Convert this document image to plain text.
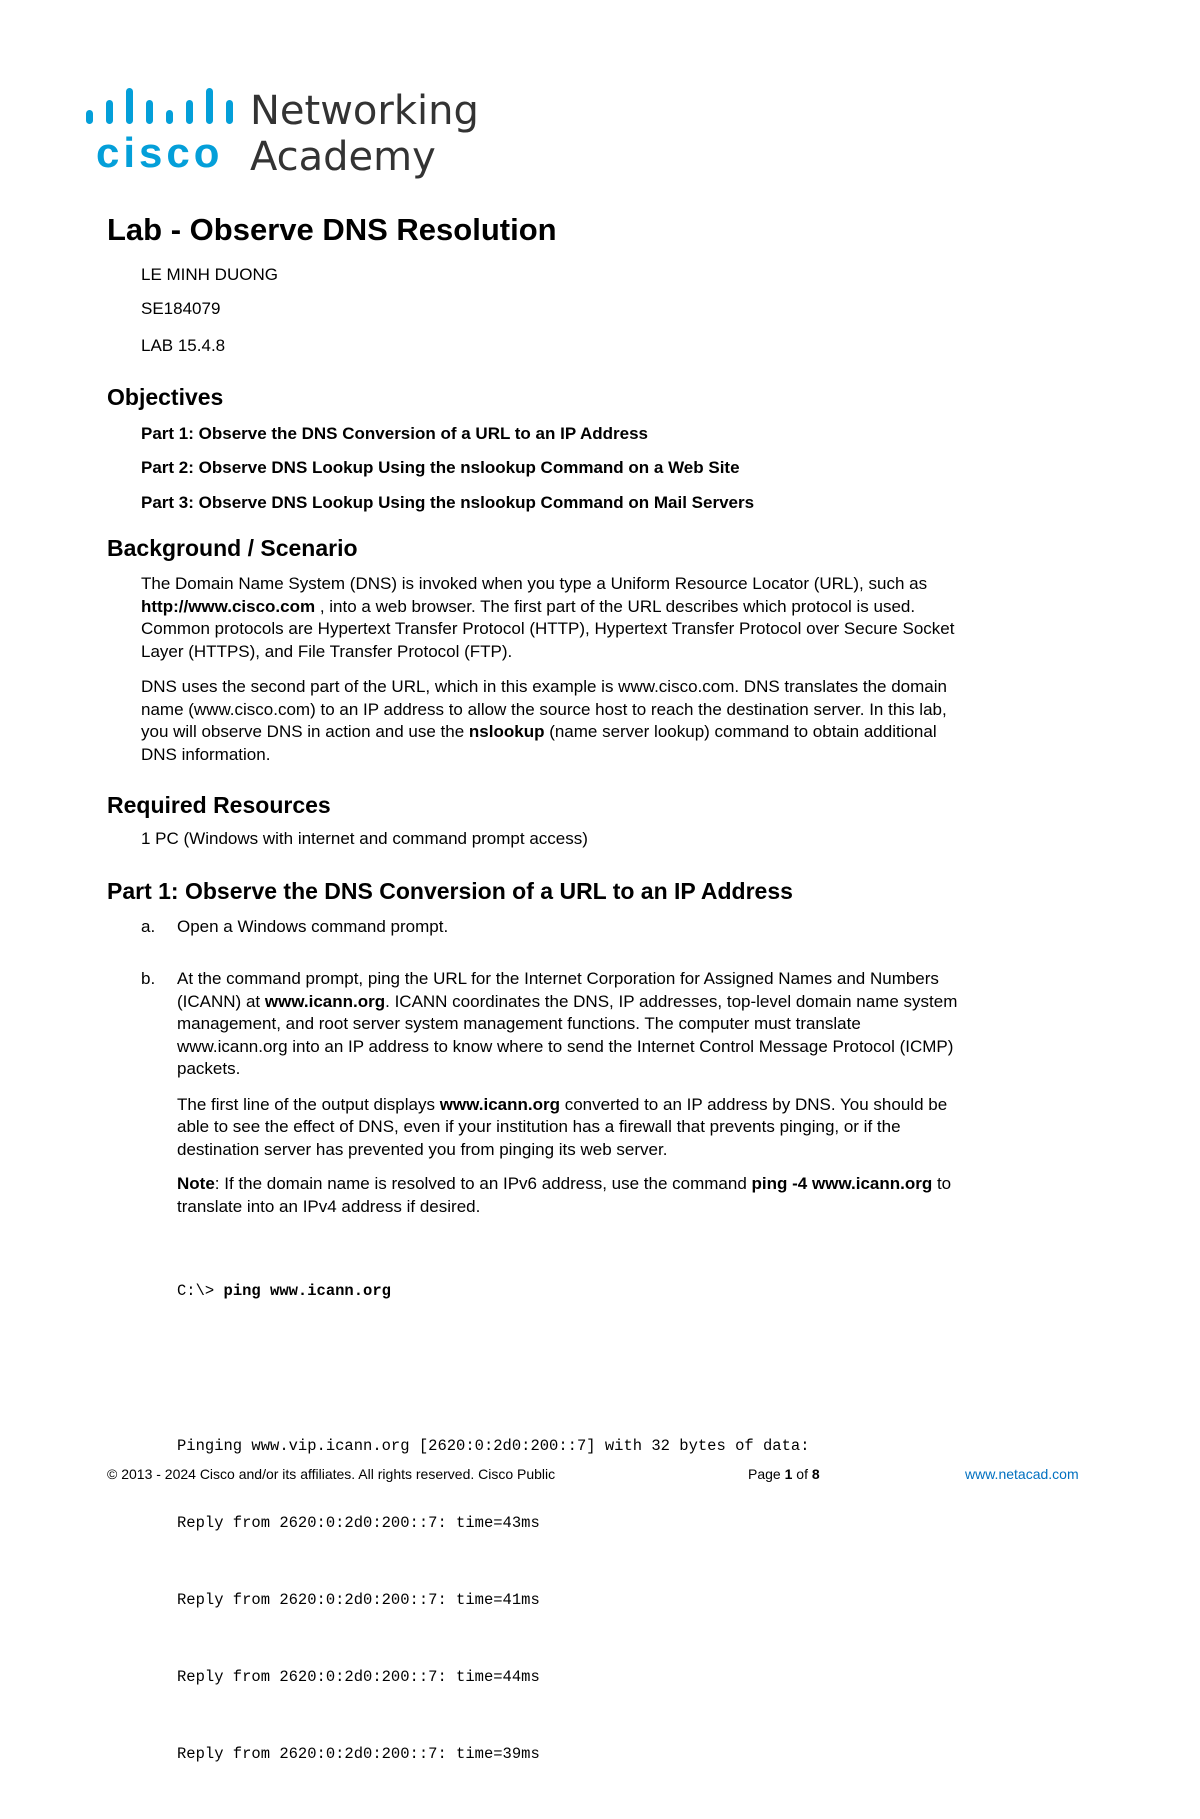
cisco
Networking
Academy
Lab - Observe DNS Resolution
LE MINH DUONG
SE184079
LAB 15.4.8
Objectives
Part 1: Observe the DNS Conversion of a URL to an IP Address
Part 2: Observe DNS Lookup Using the nslookup Command on a Web Site
Part 3: Observe DNS Lookup Using the nslookup Command on Mail Servers
Background / Scenario
The Domain Name System (DNS) is invoked when you type a Uniform Resource Locator (URL), such as
http://www.cisco.com , into a web browser. The first part of the URL describes which protocol is used.
Common protocols are Hypertext Transfer Protocol (HTTP), Hypertext Transfer Protocol over Secure Socket
Layer (HTTPS), and File Transfer Protocol (FTP).
DNS uses the second part of the URL, which in this example is www.cisco.com. DNS translates the domain
name (www.cisco.com) to an IP address to allow the source host to reach the destination server. In this lab,
you will observe DNS in action and use the nslookup (name server lookup) command to obtain additional
DNS information.
Required Resources
1 PC (Windows with internet and command prompt access)
Part 1: Observe the DNS Conversion of a URL to an IP Address
a. Open a Windows command prompt.
b. At the command prompt, ping the URL for the Internet Corporation for Assigned Names and Numbers
(ICANN) at www.icann.org. ICANN coordinates the DNS, IP addresses, top-level domain name system
management, and root server system management functions. The computer must translate
www.icann.org into an IP address to know where to send the Internet Control Message Protocol (ICMP)
packets.
The first line of the output displays www.icann.org converted to an IP address by DNS. You should be
able to see the effect of DNS, even if your institution has a firewall that prevents pinging, or if the
destination server has prevented you from pinging its web server.
Note: If the domain name is resolved to an IPv6 address, use the command ping -4 www.icann.org to
translate into an IPv4 address if desired.

C:\> ping www.icann.org

Pinging www.vip.icann.org [2620:0:2d0:200::7] with 32 bytes of data:

Reply from 2620:0:2d0:200::7: time=43ms

Reply from 2620:0:2d0:200::7: time=41ms

Reply from 2620:0:2d0:200::7: time=44ms

Reply from 2620:0:2d0:200::7: time=39ms

© 2013 - 2024 Cisco and/or its affiliates. All rights reserved. Cisco Public	Page 1 of 8	www.netacad.com
